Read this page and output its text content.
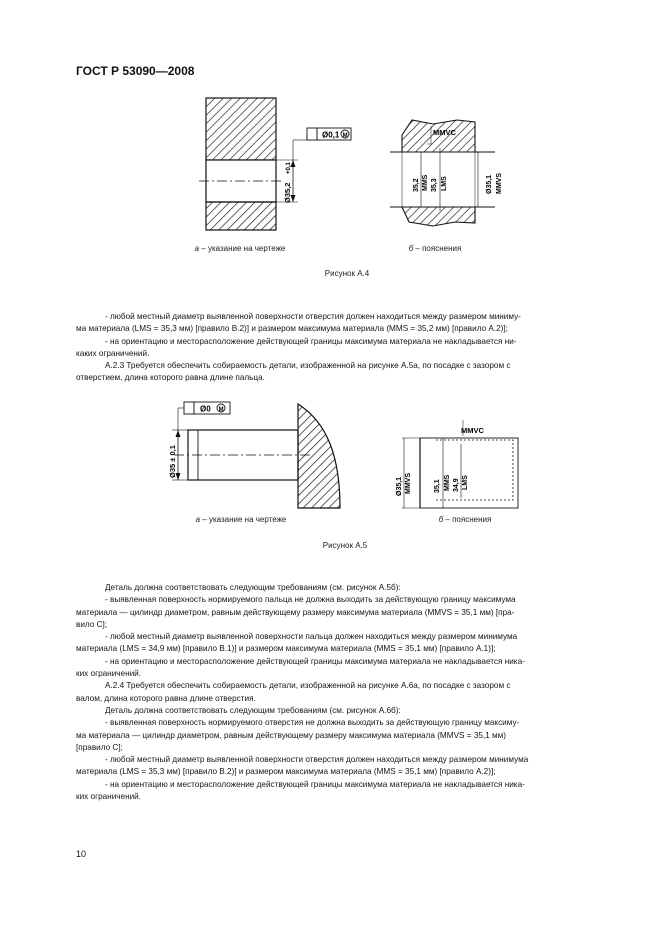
ГОСТ Р 53090—2008
Ø0,1 М
Ø35,2
+0,1
MMVC
35,2 MMS 35,3 LMS	Ø35,1 MMVS
а – указание на чертеже	б – пояснения
Рисунок А.4
- любой местный диаметр выявленной поверхности отверстия должен находиться между размером миниму-
ма материала (LMS = 35,3 мм) [правило В.2)] и размером максимума материала (MMS = 35,2 мм) [правило А.2)];
- на ориентацию и месторасположение действующей границы максимума материала не накладывается ни-
каких ограничений.
А.2.3 Требуется обеспечить собираемость детали, изображенной на рисунке А.5а, по посадке с зазором с
отверстием, длина которого равна длине пальца.
Ø0 М
Ø35 ± 0,1
MMVC
Ø35,1 MMVS	35,1 MMS 34,9 LMS
а – указание на чертеже	б – пояснения
Рисунок А.5
Деталь должна соответствовать следующим требованиям (см. рисунок А.5б):
- выявленная поверхность нормируемого пальца не должна выходить за действующую границу максимума
материала — цилиндр диаметром, равным действующему размеру максимума материала (MMVS = 35,1 мм) [пра-
вило С];
- любой местный диаметр выявленной поверхности пальца должен находиться между размером минимума
материала (LMS = 34,9 мм) [правило В.1)] и размером максимума материала (MMS = 35,1 мм) [правило А.1)];
- на ориентацию и месторасположение действующей границы максимума материала не накладывается ника-
ких ограничений.
А.2.4 Требуется обеспечить собираемость детали, изображенной на рисунке А.6а, по посадке с зазором с
валом, длина которого равна длине отверстия.
Деталь должна соответствовать следующим требованиям (см. рисунок А.6б):
- выявленная поверхность нормируемого отверстия не должна выходить за действующую границу максиму-
ма материала — цилиндр диаметром, равным действующему размеру максимума материала (MMVS = 35,1 мм)
[правило С];
- любой местный диаметр выявленной поверхности отверстия должен находиться между размером минимума
материала (LMS = 35,3 мм) [правило В.2)] и размером максимума материала (MMS = 35,1 мм) [правило А.2)];
- на ориентацию и месторасположение действующей границы максимума материала не накладывается ника-
ких ограничений.
10
